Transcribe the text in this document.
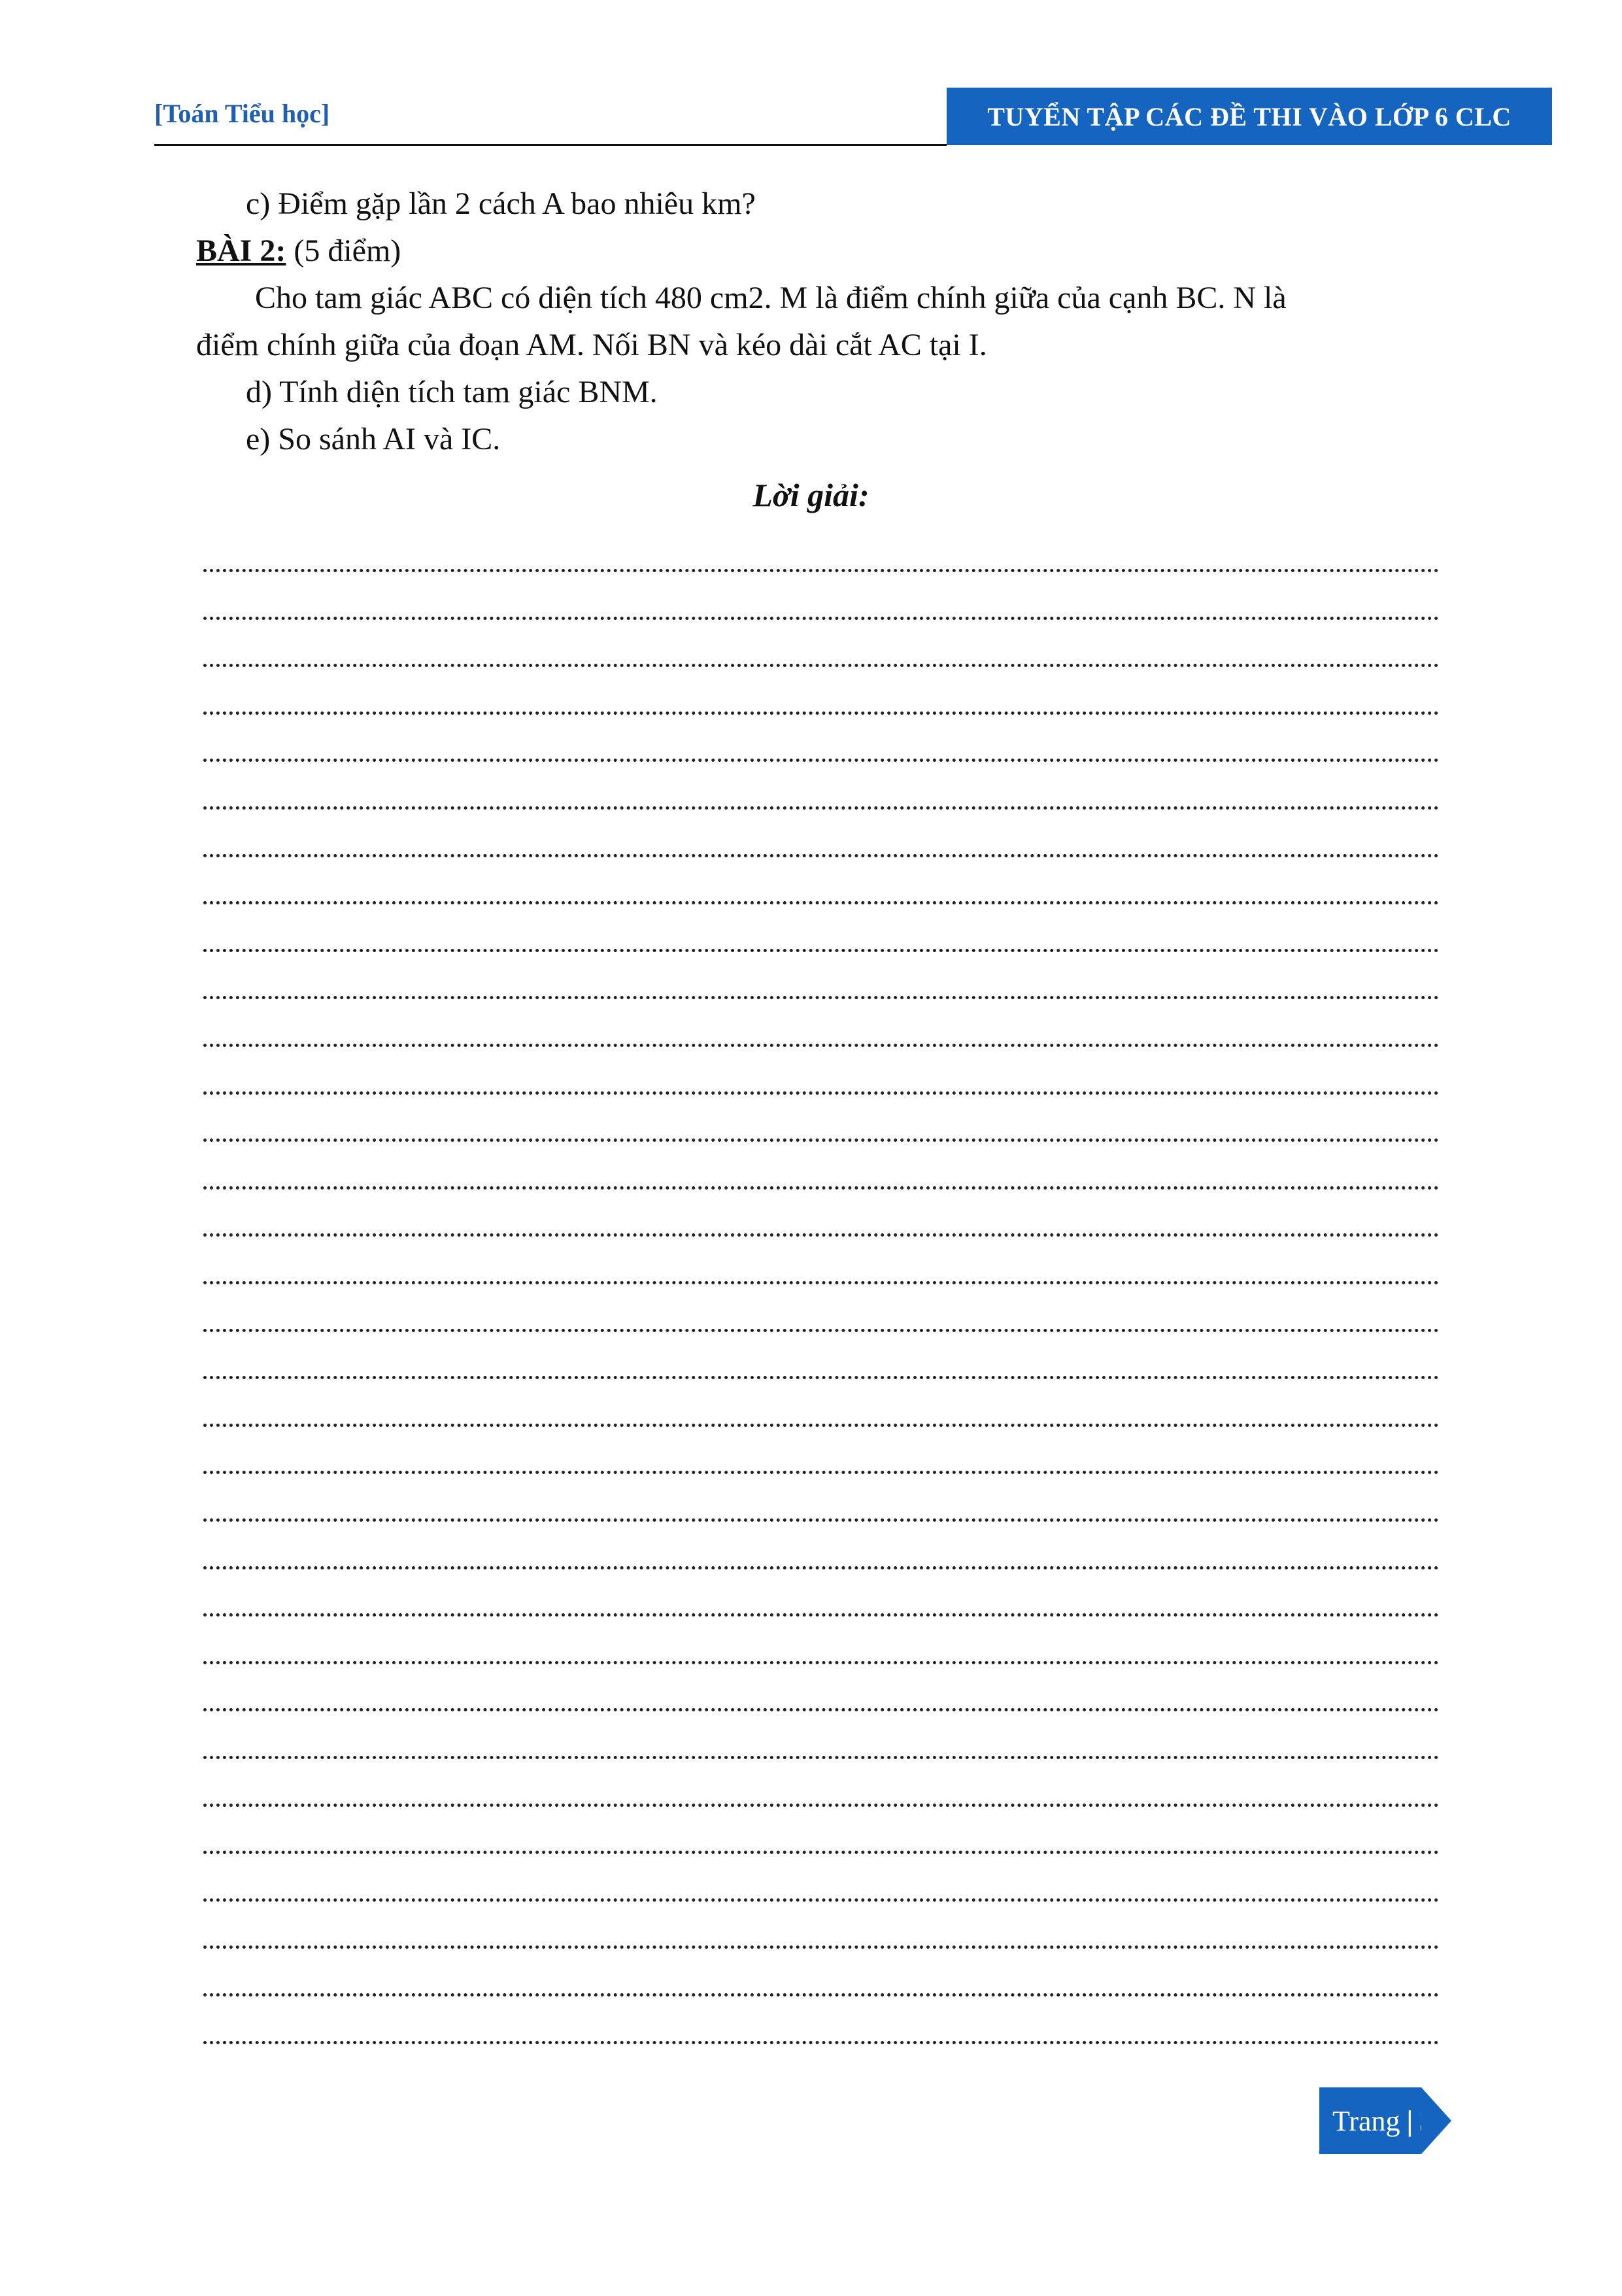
[Toán Tiểu học]	TUYỂN TẬP CÁC ĐỀ THI VÀO LỚP 6 CLC
c) Điểm gặp lần 2 cách A bao nhiêu km?
BÀI 2: (5 điểm)
Cho tam giác ABC có diện tích 480 cm2. M là điểm chính giữa của cạnh BC. N là
điểm chính giữa của đoạn AM. Nối BN và kéo dài cắt AC tại I.
d) Tính diện tích tam giác BNM.
e) So sánh AI và IC.
Lời giải:
Trang | 31
